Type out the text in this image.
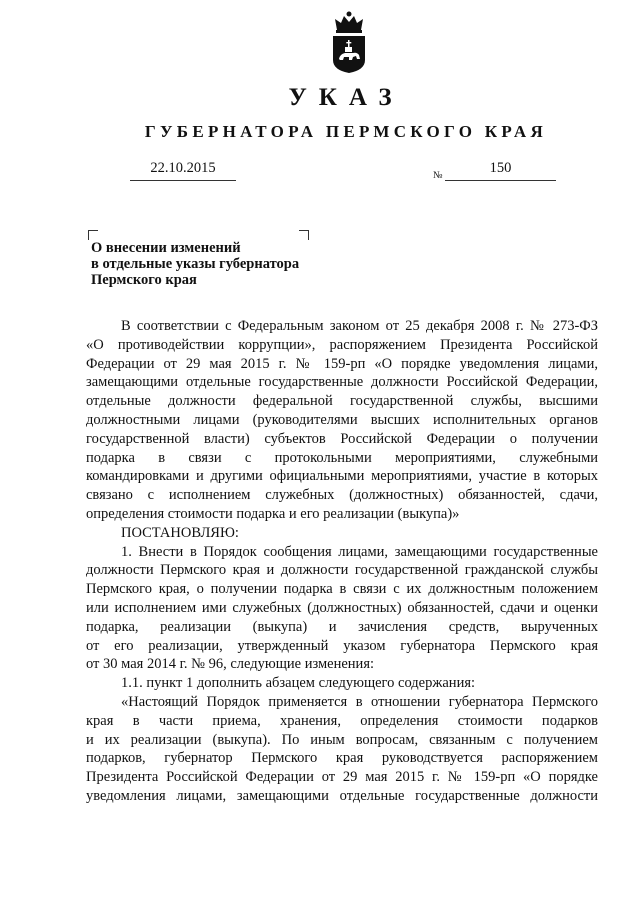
УКАЗ
ГУБЕРНАТОРА ПЕРМСКОГО КРАЯ
22.10.2015	№	150
О внесении изменений
в отдельные указы губернатора
Пермского края

В соответствии с Федеральным законом от 25 декабря 2008 г. № 273-ФЗ

«О противодействии коррупции», распоряжением Президента Российской

Федерации от 29 мая 2015 г. № 159-рп «О порядке уведомления лицами,

замещающими отдельные государственные должности Российской Федерации,

отдельные должности федеральной государственной службы, высшими

должностными лицами (руководителями высших исполнительных органов

государственной власти) субъектов Российской Федерации о получении

подарка в связи с протокольными мероприятиями, служебными

командировками и другими официальными мероприятиями, участие в которых

связано с исполнением служебных (должностных) обязанностей, сдачи,

определения стоимости подарка и его реализации (выкупа)»

ПОСТАНОВЛЯЮ:

1. Внести в Порядок сообщения лицами, замещающими государственные

должности Пермского края и должности государственной гражданской службы

Пермского края, о получении подарка в связи с их должностным положением

или исполнением ими служебных (должностных) обязанностей, сдачи и оценки

подарка, реализации (выкупа) и зачисления средств, вырученных

от его реализации, утвержденный указом губернатора Пермского края

от 30 мая 2014 г. № 96, следующие изменения:

1.1. пункт 1 дополнить абзацем следующего содержания:

«Настоящий Порядок применяется в отношении губернатора Пермского

края в части приема, хранения, определения стоимости подарков

и их реализации (выкупа). По иным вопросам, связанным с получением

подарков, губернатор Пермского края руководствуется распоряжением

Президента Российской Федерации от 29 мая 2015 г. № 159-рп «О порядке

уведомления лицами, замещающими отдельные государственные должности
